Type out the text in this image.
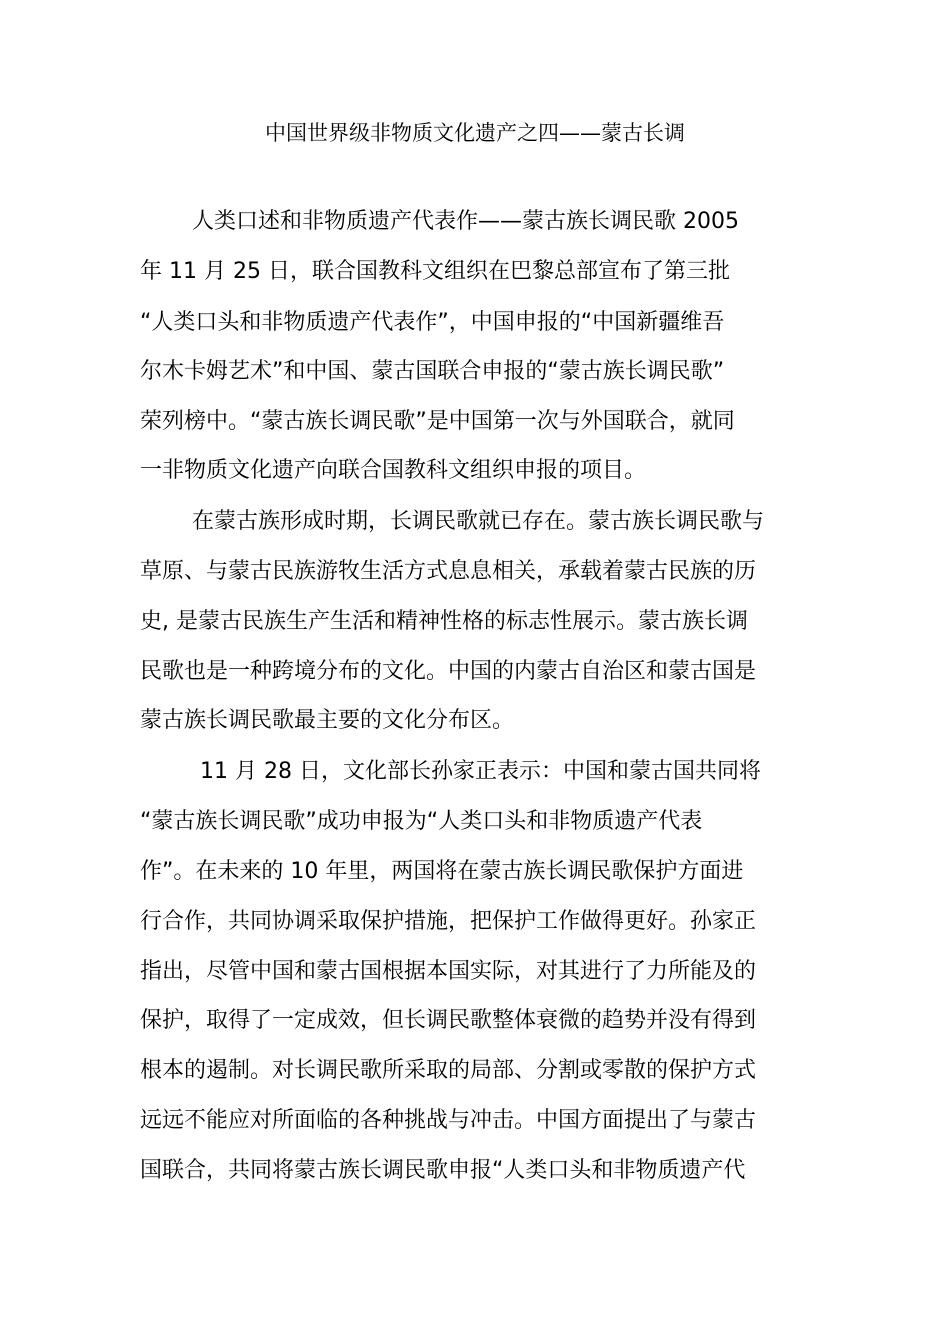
中国世界级非物质文化遗产之四——蒙古长调
人类口述和非物质遗产代表作——蒙古族长调民歌 2005
年 11 月 25 日，联合国教科文组织在巴黎总部宣布了第三批
“人类口头和非物质遗产代表作”，中国申报的“中国新疆维吾
尔木卡姆艺术”和中国、蒙古国联合申报的“蒙古族长调民歌”
荣列榜中。“蒙古族长调民歌”是中国第一次与外国联合，就同
一非物质文化遗产向联合国教科文组织申报的项目。
在蒙古族形成时期，长调民歌就已存在。蒙古族长调民歌与
草原、与蒙古民族游牧生活方式息息相关，承载着蒙古民族的历
史, 是蒙古民族生产生活和精神性格的标志性展示。蒙古族长调
民歌也是一种跨境分布的文化。中国的内蒙古自治区和蒙古国是
蒙古族长调民歌最主要的文化分布区。
11 月 28 日，文化部长孙家正表示：中国和蒙古国共同将
“蒙古族长调民歌”成功申报为“人类口头和非物质遗产代表
作”。在未来的 10 年里，两国将在蒙古族长调民歌保护方面进
行合作，共同协调采取保护措施，把保护工作做得更好。孙家正
指出，尽管中国和蒙古国根据本国实际，对其进行了力所能及的
保护，取得了一定成效，但长调民歌整体衰微的趋势并没有得到
根本的遏制。对长调民歌所采取的局部、分割或零散的保护方式
远远不能应对所面临的各种挑战与冲击。中国方面提出了与蒙古
国联合，共同将蒙古族长调民歌申报“人类口头和非物质遗产代
